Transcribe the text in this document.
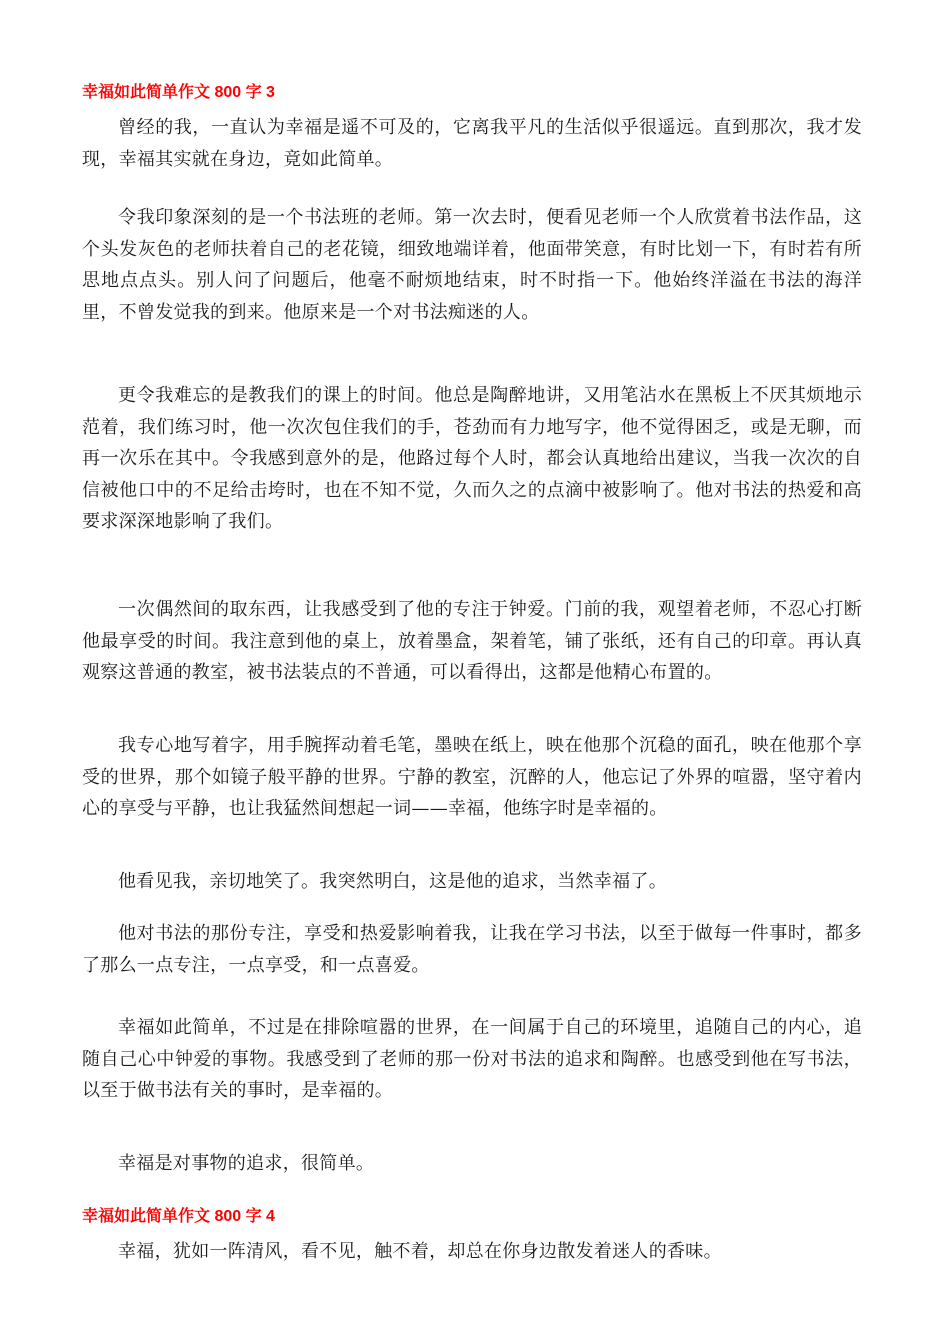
幸福如此简单作文 800 字 3

曾经的我，一直认为幸福是遥不可及的，它离我平凡的生活似乎很遥远。直到那次，我才发现，幸福其实就在身边，竟如此简单。

令我印象深刻的是一个书法班的老师。第一次去时，便看见老师一个人欣赏着书法作品，这个头发灰色的老师扶着自己的老花镜，细致地端详着，他面带笑意，有时比划一下，有时若有所思地点点头。别人问了问题后，他毫不耐烦地结束，时不时指一下。他始终洋溢在书法的海洋里，不曾发觉我的到来。他原来是一个对书法痴迷的人。

更令我难忘的是教我们的课上的时间。他总是陶醉地讲，又用笔沾水在黑板上不厌其烦地示范着，我们练习时，他一次次包住我们的手，苍劲而有力地写字，他不觉得困乏，或是无聊，而再一次乐在其中。令我感到意外的是，他路过每个人时，都会认真地给出建议，当我一次次的自信被他口中的不足给击垮时，也在不知不觉，久而久之的点滴中被影响了。他对书法的热爱和高要求深深地影响了我们。

一次偶然间的取东西，让我感受到了他的专注于钟爱。门前的我，观望着老师，不忍心打断他最享受的时间。我注意到他的桌上，放着墨盒，架着笔，铺了张纸，还有自己的印章。再认真观察这普通的教室，被书法装点的不普通，可以看得出，这都是他精心布置的。

我专心地写着字，用手腕挥动着毛笔，墨映在纸上，映在他那个沉稳的面孔，映在他那个享受的世界，那个如镜子般平静的世界。宁静的教室，沉醉的人，他忘记了外界的喧嚣，坚守着内心的享受与平静，也让我猛然间想起一词——幸福，他练字时是幸福的。

他看见我，亲切地笑了。我突然明白，这是他的追求，当然幸福了。

他对书法的那份专注，享受和热爱影响着我，让我在学习书法，以至于做每一件事时，都多了那么一点专注，一点享受，和一点喜爱。

幸福如此简单，不过是在排除喧嚣的世界，在一间属于自己的环境里，追随自己的内心，追随自己心中钟爱的事物。我感受到了老师的那一份对书法的追求和陶醉。也感受到他在写书法，以至于做书法有关的事时，是幸福的。

幸福是对事物的追求，很简单。

幸福如此简单作文 800 字 4

幸福，犹如一阵清风，看不见，触不着，却总在你身边散发着迷人的香味。
